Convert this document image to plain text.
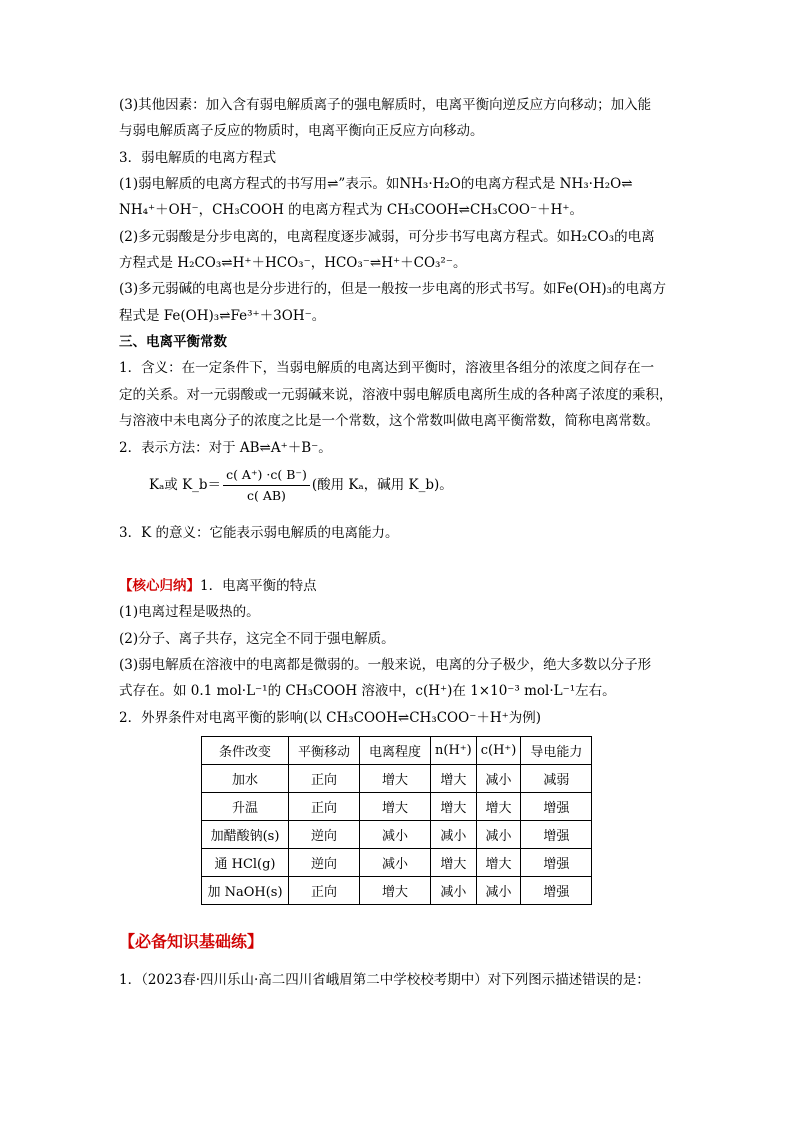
(3)其他因素：加入含有弱电解质离子的强电解质时，电离平衡向逆反应方向移动；加入能
与弱电解质离子反应的物质时，电离平衡向正反应方向移动。
3．弱电解质的电离方程式
(1)弱电解质的电离方程式的书写用⇌”表示。如NH₃·H₂O的电离方程式是 NH₃·H₂O⇌
NH₄⁺＋OH⁻，CH₃COOH 的电离方程式为 CH₃COOH⇌CH₃COO⁻＋H⁺。
(2)多元弱酸是分步电离的，电离程度逐步减弱，可分步书写电离方程式。如H₂CO₃的电离
方程式是 H₂CO₃⇌H⁺＋HCO₃⁻，HCO₃⁻⇌H⁺＋CO₃²⁻。
(3)多元弱碱的电离也是分步进行的，但是一般按一步电离的形式书写。如Fe(OH)₃的电离方
程式是 Fe(OH)₃⇌Fe³⁺＋3OH⁻。
三、电离平衡常数
1．含义：在一定条件下，当弱电解质的电离达到平衡时，溶液里各组分的浓度之间存在一
定的关系。对一元弱酸或一元弱碱来说，溶液中弱电解质电离所生成的各种离子浓度的乘积，
与溶液中未电离分子的浓度之比是一个常数，这个常数叫做电离平衡常数，简称电离常数。
2．表示方法：对于 AB⇌A⁺＋B⁻。
Kₐ或 K_b＝ $\frac{c( A^+) \cdot c( B^-)}{c( AB)}$ (酸用 Kₐ，碱用 K_b)。
3．K 的意义：它能表示弱电解质的电离能力。
【核心归纳】1．电离平衡的特点
(1)电离过程是吸热的。
(2)分子、离子共存，这完全不同于强电解质。
(3)弱电解质在溶液中的电离都是微弱的。一般来说，电离的分子极少，绝大多数以分子形
式存在。如 0.1 mol·L⁻¹的 CH₃COOH 溶液中，c(H⁺)在 1×10⁻³ mol·L⁻¹左右。
2．外界条件对电离平衡的影响(以 CH₃COOH⇌CH₃COO⁻＋H⁺为例)
条件改变	平衡移动	电离程度	n(H⁺)	c(H⁺)	导电能力
加水	正向	增大	增大	减小	减弱
升温	正向	增大	增大	增大	增强
加醋酸钠(s)	逆向	减小	减小	减小	增强
通 HCl(g)	逆向	减小	增大	增大	增强
加 NaOH(s)	正向	增大	减小	减小	增强
【必备知识基础练】
1．（2023春·四川乐山·高二四川省峨眉第二中学校校考期中）对下列图示描述错误的是：
